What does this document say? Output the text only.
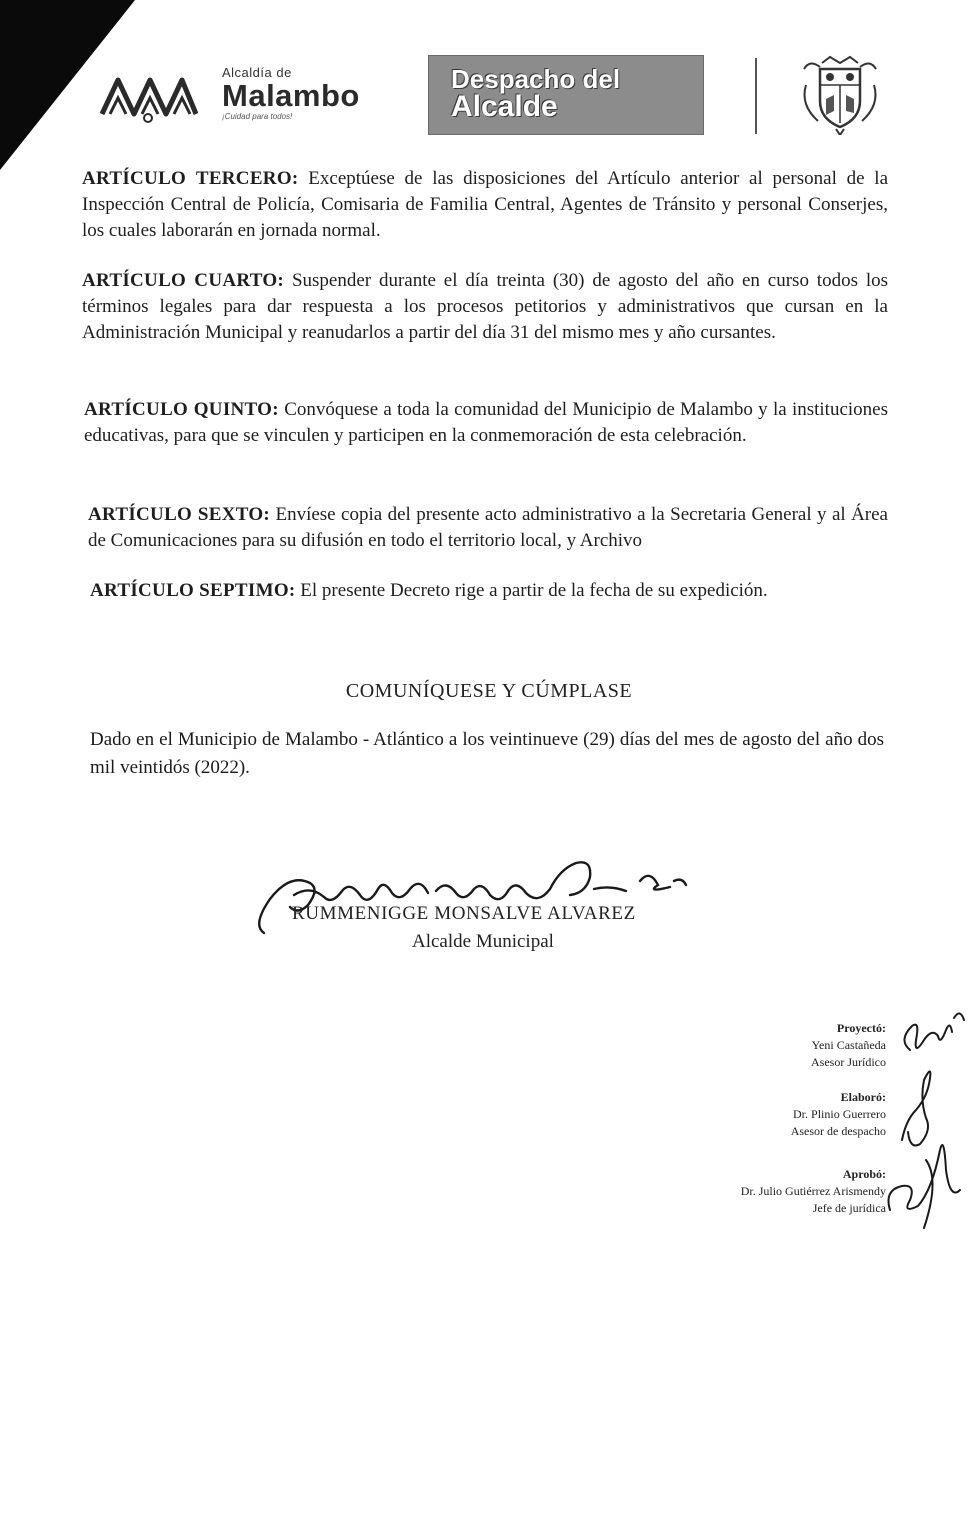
Alcaldía de
Malambo
¡Cuidad para todos!
Despacho del
Alcalde
ARTÍCULO TERCERO: Exceptúese de las disposiciones del Artículo anterior al personal de la Inspección Central de Policía, Comisaria de Familia Central, Agentes de Tránsito y personal Conserjes, los cuales laborarán en jornada normal.
ARTÍCULO CUARTO: Suspender durante el día treinta (30) de agosto del año en curso todos los términos legales para dar respuesta a los procesos petitorios y administrativos que cursan en la Administración Municipal y reanudarlos a partir del día 31 del mismo mes y año cursantes.
ARTÍCULO QUINTO: Convóquese a toda la comunidad del Municipio de Malambo y la instituciones educativas, para que se vinculen y participen en la conmemoración de esta celebración.
ARTÍCULO SEXTO: Envíese copia del presente acto administrativo a la Secretaria General y al Área de Comunicaciones para su difusión en todo el territorio local, y Archivo
ARTÍCULO SEPTIMO: El presente Decreto rige a partir de la fecha de su expedición.
COMUNÍQUESE Y CÚMPLASE
Dado en el Municipio de Malambo - Atlántico a los veintinueve (29) días del mes de agosto del año dos mil veintidós (2022).
RUMMENIGGE MONSALVE ALVAREZ
Alcalde Municipal
Proyectó:
Yeni Castañeda
Asesor Jurídico
Elaboró:
Dr. Plinio Guerrero
Asesor de despacho
Aprobó:
Dr. Julio Gutiérrez Arismendy
Jefe de jurídica
